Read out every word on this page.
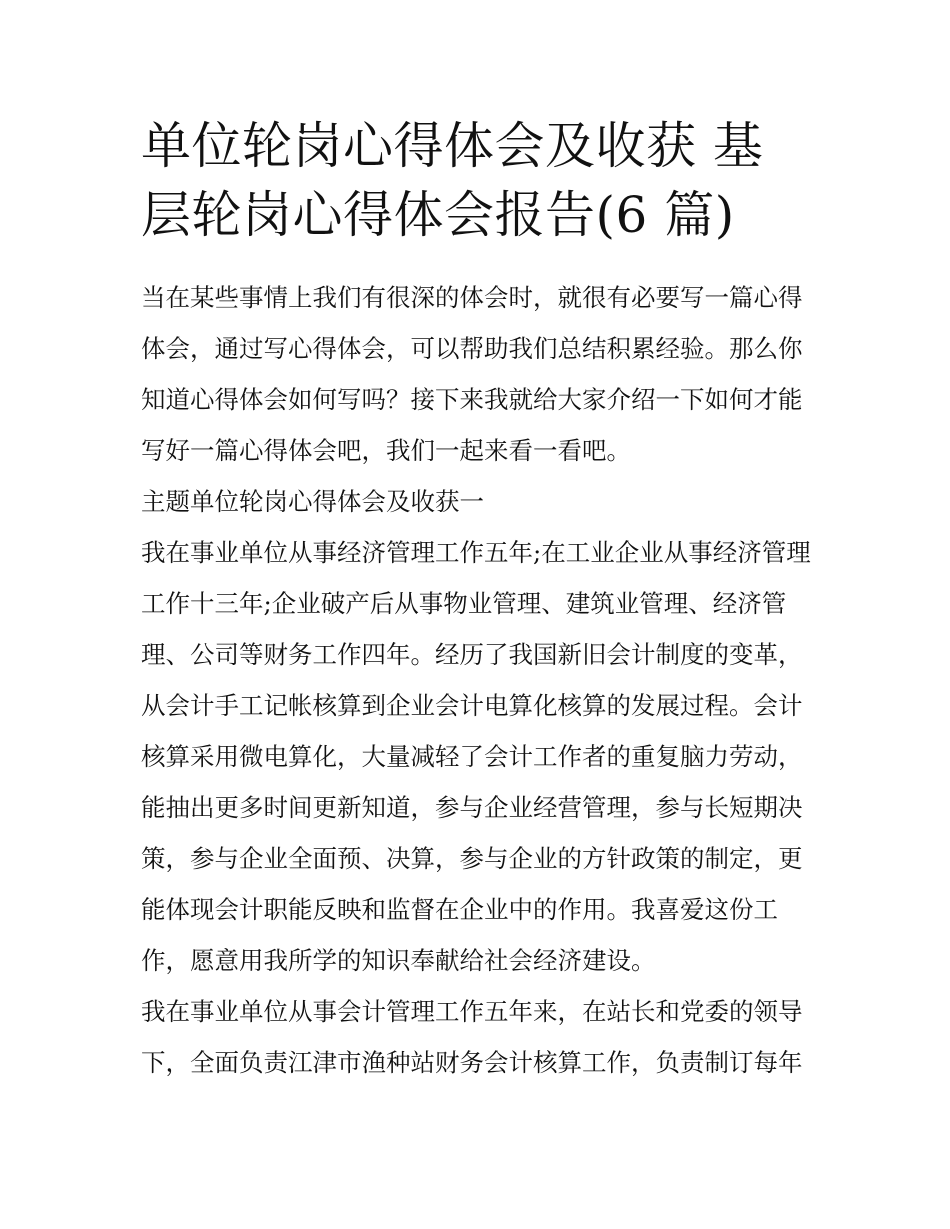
单位轮岗心得体会及收获 基层轮岗心得体会报告(6 篇)

当在某些事情上我们有很深的体会时，就很有必要写一篇心得体会，通过写心得体会，可以帮助我们总结积累经验。那么你知道心得体会如何写吗？接下来我就给大家介绍一下如何才能写好一篇心得体会吧，我们一起来看一看吧。

主题单位轮岗心得体会及收获一

我在事业单位从事经济管理工作五年;在工业企业从事经济管理工作十三年;企业破产后从事物业管理、建筑业管理、经济管理、公司等财务工作四年。经历了我国新旧会计制度的变革，从会计手工记帐核算到企业会计电算化核算的发展过程。会计核算采用微电算化，大量减轻了会计工作者的重复脑力劳动，能抽出更多时间更新知道，参与企业经营管理，参与长短期决策，参与企业全面预、决算，参与企业的方针政策的制定，更能体现会计职能反映和监督在企业中的作用。我喜爱这份工作，愿意用我所学的知识奉献给社会经济建设。

我在事业单位从事会计管理工作五年来，在站长和党委的领导下，全面负责江津市渔种站财务会计核算工作，负责制订每年
